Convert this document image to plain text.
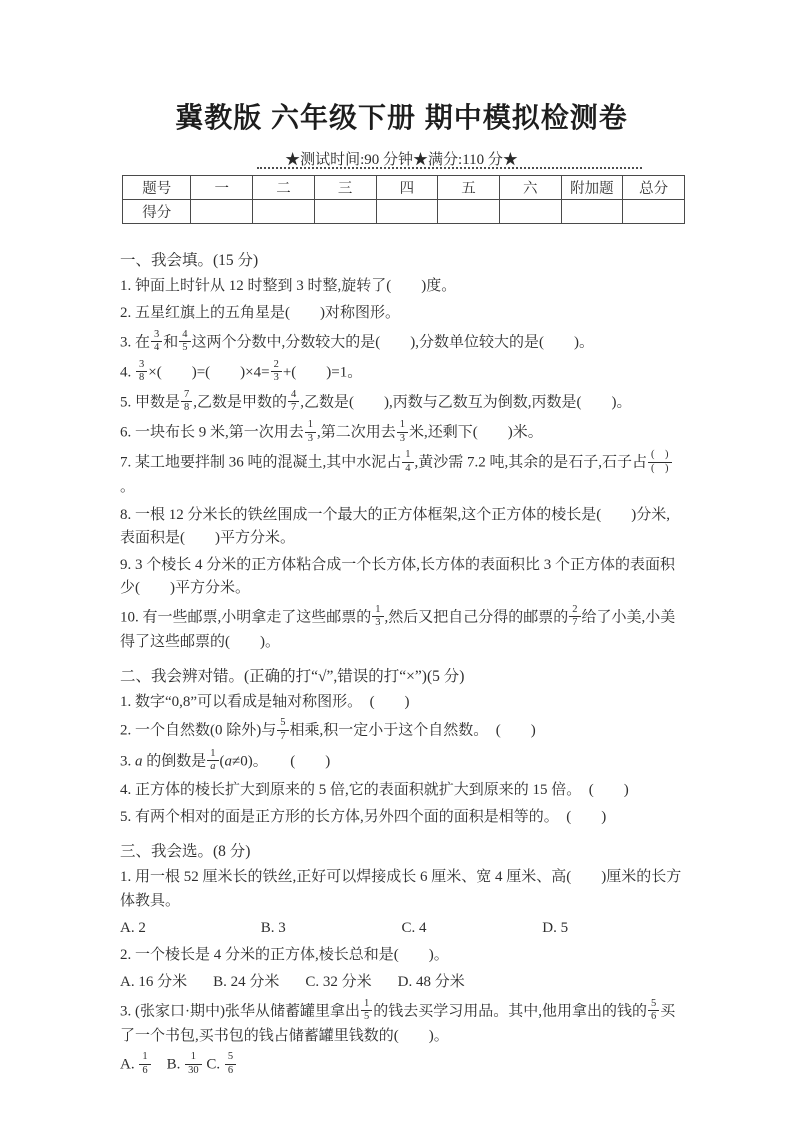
冀教版 六年级下册 期中模拟检测卷
★测试时间:90 分钟★满分:110 分★
题号	一	二	三	四	五	六	附加题	总分
得分								
一、我会填。(15 分)
1. 钟面上时针从 12 时整到 3 时整,旋转了(　　)度。
2. 五星红旗上的五角星是(　　)对称图形。
3. 在 $\frac{3}{4}$ 和 $\frac{4}{5}$ 这两个分数中,分数较大的是(　　),分数单位较大的是(　　)。
4. $\frac{3}{8}$ ×(　　)=(　　)$\times 4= \frac{2}{3}$ +(　　)=1。
5. 甲数是 $\frac{7}{8}$ ,乙数是甲数的 $\frac{4}{7}$ ,乙数是(　　),丙数与乙数互为倒数,丙数是(　　)。
6. 一块布长 9 米,第一次用去 $\frac{1}{3}$ ,第二次用去 $\frac{1}{3}$ 米,还剩下(　　)米。
7. 某工地要拌制 36 吨的混凝土,其中水泥占 $\frac{1}{4}$ ,黄沙需 7.2 吨,其余的是石子,石子占 $\frac{( )}{( )}$
。
8. 一根 12 分米长的铁丝围成一个最大的正方体框架,这个正方体的棱长是(　　)分米,表面积是(　　)平方分米。
9. 3 个棱长 4 分米的正方体粘合成一个长方体,长方体的表面积比 3 个正方体的表面积少(　　)平方分米。
10. 有一些邮票,小明拿走了这些邮票的 $\frac{1}{3}$ ,然后又把自己分得的邮票的 $\frac{2}{7}$ 给了小美,小美得了这些邮票的(　　)。
二、我会辨对错。(正确的打“√”,错误的打“×”)(5 分)
1. 数字“0,8”可以看成是轴对称图形。　(　　)
2. 一个自然数(0 除外)与 $\frac{5}{7}$ 相乘,积一定小于这个自然数。　(　　)
3. a 的倒数是 $\frac{1}{a} (a\ne 0)$。　　(　　)
4. 正方体的棱长扩大到原来的 5 倍,它的表面积就扩大到原来的 15 倍。　(　　)
5. 有两个相对的面是正方形的长方体,另外四个面的面积是相等的。　(　　)
三、我会选。(8 分)
1. 用一根 52 厘米长的铁丝,正好可以焊接成长 6 厘米、宽 4 厘米、高(　　)厘米的长方体教具。
A. 2	B. 3	C. 4	D. 5
2. 一个棱长是 4 分米的正方体,棱长总和是(　　)。
A. 16 分米 B. 24 分米 C. 32 分米 D. 48 分米
3. (张家口·期中)张华从储蓄罐里拿出 $\frac{1}{5}$ 的钱去买学习用品。其中,他用拿出的钱的 $\frac{5}{6}$ 买了一个书包,买书包的钱占储蓄罐里钱数的(　　)。
A. $\frac{1}{6}$ 　B. $\frac{1}{30} C$. $\frac{5}{6}$
